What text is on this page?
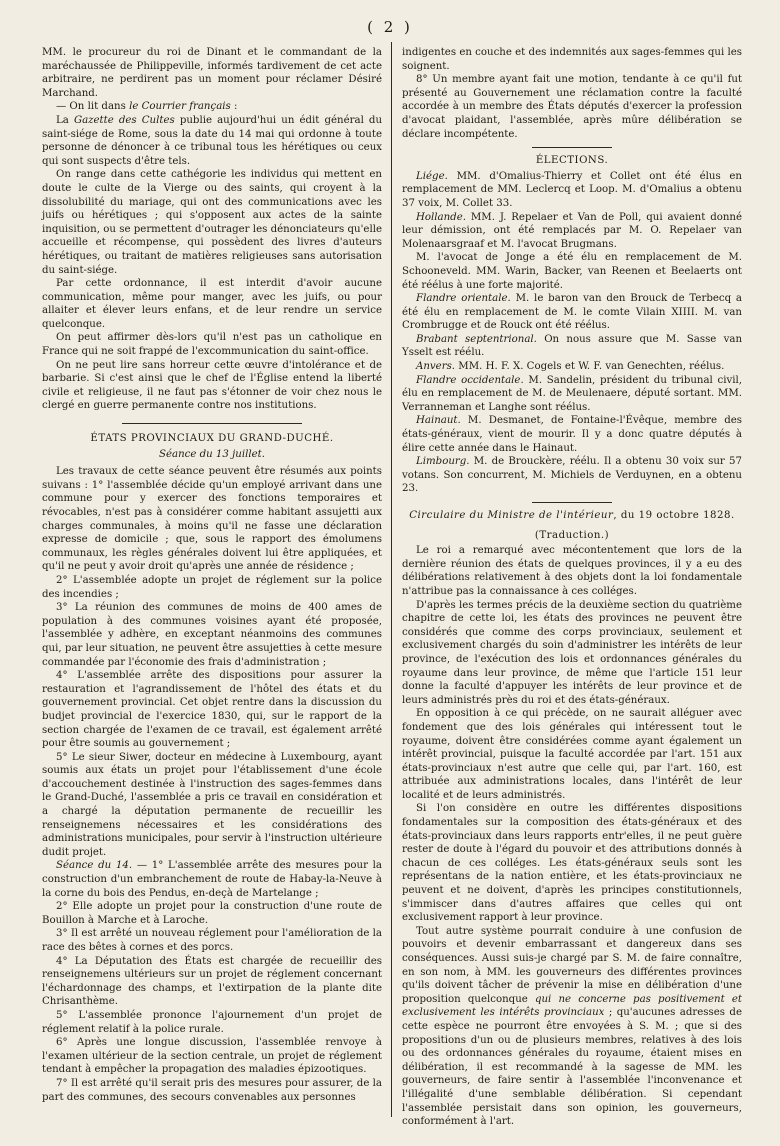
( 2 )

MM. le procureur du roi de Dinant et le commandant de la maréchaussée de Philippeville, informés tardivement de cet acte arbitraire, ne perdirent pas un moment pour réclamer Désiré Marchand.

— On lit dans le Courrier français :

La Gazette des Cultes publie aujourd'hui un édit général du saint-siége de Rome, sous la date du 14 mai qui ordonne à toute personne de dénoncer à ce tribunal tous les hérétiques ou ceux qui sont suspects d'être tels.

On range dans cette cathégorie les individus qui mettent en doute le culte de la Vierge ou des saints, qui croyent à la dissolubilité du mariage, qui ont des communications avec les juifs ou hérétiques ; qui s'opposent aux actes de la sainte inquisition, ou se permettent d'outrager les dénonciateurs qu'elle accueille et récompense, qui possèdent des livres d'auteurs hérétiques, ou traitant de matières religieuses sans autorisation du saint-siége.

Par cette ordonnance, il est interdit d'avoir aucune communication, même pour manger, avec les juifs, ou pour allaiter et élever leurs enfans, et de leur rendre un service quelconque.

On peut affirmer dès-lors qu'il n'est pas un catholique en France qui ne soit frappé de l'excommunication du saint-office.

On ne peut lire sans horreur cette œuvre d'intolérance et de barbarie. Si c'est ainsi que le chef de l'Église entend la liberté civile et religieuse, il ne faut pas s'étonner de voir chez nous le clergé en guerre permanente contre nos institutions.

ÉTATS PROVINCIAUX DU GRAND-DUCHÉ.

Séance du 13 juillet.

Les travaux de cette séance peuvent être résumés aux points suivans : 1° l'assemblée décide qu'un employé arrivant dans une commune pour y exercer des fonctions temporaires et révocables, n'est pas à considérer comme habitant assujetti aux charges communales, à moins qu'il ne fasse une déclaration expresse de domicile ; que, sous le rapport des émolumens communaux, les règles générales doivent lui être appliquées, et qu'il ne peut y avoir droit qu'après une année de résidence ;

2° L'assemblée adopte un projet de réglement sur la police des incendies ;

3° La réunion des communes de moins de 400 ames de population à des communes voisines ayant été proposée, l'assemblée y adhère, en exceptant néanmoins des communes qui, par leur situation, ne peuvent être assujetties à cette mesure commandée par l'économie des frais d'administration ;

4° L'assemblée arrête des dispositions pour assurer la restauration et l'agrandissement de l'hôtel des états et du gouvernement provincial. Cet objet rentre dans la discussion du budjet provincial de l'exercice 1830, qui, sur le rapport de la section chargée de l'examen de ce travail, est également arrêté pour être soumis au gouvernement ;

5° Le sieur Siwer, docteur en médecine à Luxembourg, ayant soumis aux états un projet pour l'établissement d'une école d'accouchement destinée à l'instruction des sages-femmes dans le Grand-Duché, l'assemblée a pris ce travail en considération et a chargé la députation permanente de recueillir les renseignemens nécessaires et les considérations des administrations municipales, pour servir à l'instruction ultérieure dudit projet.

Séance du 14. — 1° L'assemblée arrête des mesures pour la construction d'un embranchement de route de Habay-la-Neuve à la corne du bois des Pendus, en-deçà de Martelange ;

2° Elle adopte un projet pour la construction d'une route de Bouillon à Marche et à Laroche.

3° Il est arrêté un nouveau réglement pour l'amélioration de la race des bêtes à cornes et des porcs.

4° La Députation des États est chargée de recueillir des renseignemens ultérieurs sur un projet de réglement concernant l'échardonnage des champs, et l'extirpation de la plante dite Chrisanthème.

5° L'assemblée prononce l'ajournement d'un projet de réglement relatif à la police rurale.

6° Après une longue discussion, l'assemblée renvoye à l'examen ultérieur de la section centrale, un projet de réglement tendant à empêcher la propagation des maladies épizootiques.

7° Il est arrêté qu'il serait pris des mesures pour assurer, de la part des communes, des secours convenables aux personnes

indigentes en couche et des indemnités aux sages-femmes qui les soignent.

8° Un membre ayant fait une motion, tendante à ce qu'il fut présenté au Gouvernement une réclamation contre la faculté accordée à un membre des États députés d'exercer la profession d'avocat plaidant, l'assemblée, après mûre délibération se déclare incompétente.

ÉLECTIONS.

Liége. MM. d'Omalius-Thierry et Collet ont été élus en remplacement de MM. Leclercq et Loop. M. d'Omalius a obtenu 37 voix, M. Collet 33.

Hollande. MM. J. Repelaer et Van de Poll, qui avaient donné leur démission, ont été remplacés par M. O. Repelaer van Molenaarsgraaf et M. l'avocat Brugmans.

M. l'avocat de Jonge a été élu en remplacement de M. Schooneveld. MM. Warin, Backer, van Reenen et Beelaerts ont été réélus à une forte majorité.

Flandre orientale. M. le baron van den Brouck de Terbecq a été élu en remplacement de M. le comte Vilain XIIII. M. van Crombrugge et de Rouck ont été réélus.

Brabant septentrional. On nous assure que M. Sasse van Ysselt est réélu.

Anvers. MM. H. F. X. Cogels et W. F. van Genechten, réélus.

Flandre occidentale. M. Sandelin, président du tribunal civil, élu en remplacement de M. de Meulenaere, député sortant. MM. Verranneman et Langhe sont réélus.

Hainaut. M. Desmanet, de Fontaine-l'Évêque, membre des états-généraux, vient de mourir. Il y a donc quatre députés à élire cette année dans le Hainaut.

Limbourg. M. de Brouckère, réélu. Il a obtenu 30 voix sur 57 votans. Son concurrent, M. Michiels de Verduynen, en a obtenu 23.

Circulaire du Ministre de l'intérieur, du 19 octobre 1828.

(Traduction.)

Le roi a remarqué avec mécontentement que lors de la dernière réunion des états de quelques provinces, il y a eu des délibérations relativement à des objets dont la loi fondamentale n'attribue pas la connaissance à ces colléges.

D'après les termes précis de la deuxième section du quatrième chapitre de cette loi, les états des provinces ne peuvent être considérés que comme des corps provinciaux, seulement et exclusivement chargés du soin d'administrer les intérêts de leur province, de l'exécution des lois et ordonnances générales du royaume dans leur province, de même que l'article 151 leur donne la faculté d'appuyer les intérêts de leur province et de leurs administrés près du roi et des états-généraux.

En opposition à ce qui précède, on ne saurait alléguer avec fondement que des lois générales qui intéressent tout le royaume, doivent être considérées comme ayant également un intérêt provincial, puisque la faculté accordée par l'art. 151 aux états-provinciaux n'est autre que celle qui, par l'art. 160, est attribuée aux administrations locales, dans l'intérêt de leur localité et de leurs administrés.

Si l'on considère en outre les différentes dispositions fondamentales sur la composition des états-généraux et des états-provinciaux dans leurs rapports entr'elles, il ne peut guère rester de doute à l'égard du pouvoir et des attributions donnés à chacun de ces colléges. Les états-généraux seuls sont les représentans de la nation entière, et les états-provinciaux ne peuvent et ne doivent, d'après les principes constitutionnels, s'immiscer dans d'autres affaires que celles qui ont exclusivement rapport à leur province.

Tout autre système pourrait conduire à une confusion de pouvoirs et devenir embarrassant et dangereux dans ses conséquences. Aussi suis-je chargé par S. M. de faire connaître, en son nom, à MM. les gouverneurs des différentes provinces qu'ils doivent tâcher de prévenir la mise en délibération d'une proposition quelconque qui ne concerne pas positivement et exclusivement les intérêts provinciaux ; qu'aucunes adresses de cette espèce ne pourront être envoyées à S. M. ; que si des propositions d'un ou de plusieurs membres, relatives à des lois ou des ordonnances générales du royaume, étaient mises en délibération, il est recommandé à la sagesse de MM. les gouverneurs, de faire sentir à l'assemblée l'inconvenance et l'illégalité d'une semblable délibération. Si cependant l'assemblée persistait dans son opinion, les gouverneurs, conformément à l'art.
